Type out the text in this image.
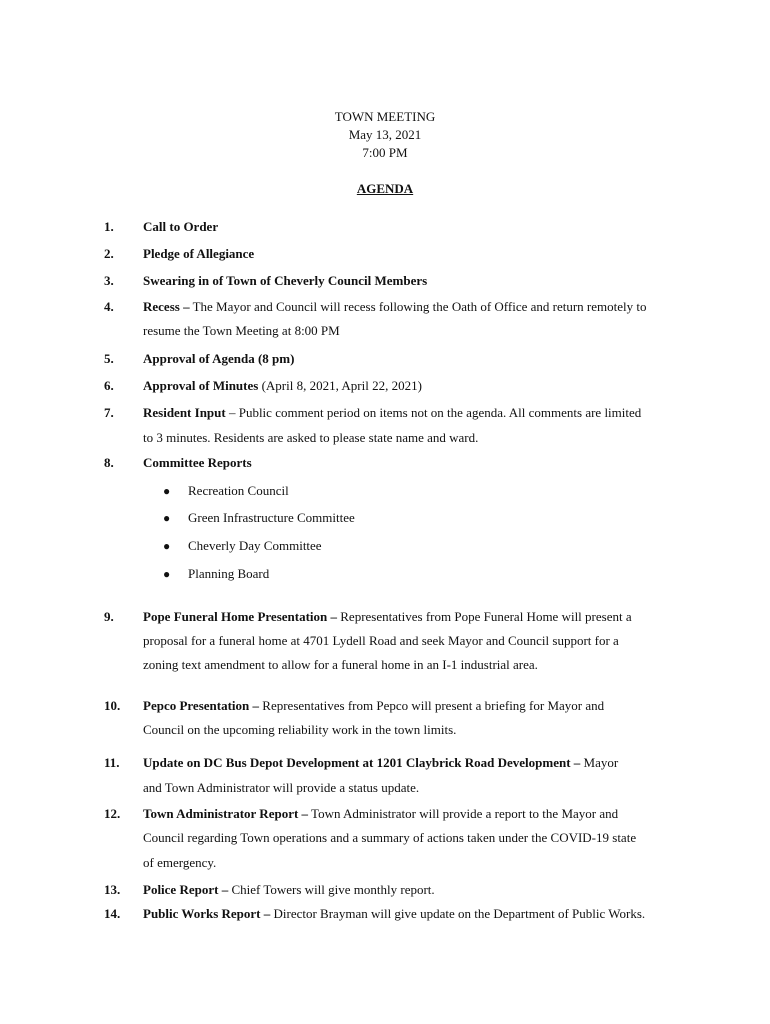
TOWN MEETING
May 13, 2021
7:00 PM
AGENDA
1.	Call to Order
2.	Pledge of Allegiance
3.	Swearing in of Town of Cheverly Council Members
4.	Recess – The Mayor and Council will recess following the Oath of Office and return remotely to
resume the Town Meeting at 8:00 PM
5.	Approval of Agenda (8 pm)
6.	Approval of Minutes (April 8, 2021, April 22, 2021)
7.	Resident Input – Public comment period on items not on the agenda. All comments are limited
to 3 minutes. Residents are asked to please state name and ward.
8.	Committee Reports
● Recreation Council
● Green Infrastructure Committee
● Cheverly Day Committee
● Planning Board
9.	Pope Funeral Home Presentation – Representatives from Pope Funeral Home will present a
proposal for a funeral home at 4701 Lydell Road and seek Mayor and Council support for a
zoning text amendment to allow for a funeral home in an I-1 industrial area.
10.	Pepco Presentation – Representatives from Pepco will present a briefing for Mayor and
Council on the upcoming reliability work in the town limits.
11.	Update on DC Bus Depot Development at 1201 Claybrick Road Development – Mayor
and Town Administrator will provide a status update.
12.	Town Administrator Report – Town Administrator will provide a report to the Mayor and
Council regarding Town operations and a summary of actions taken under the COVID-19 state
of emergency.
13.	Police Report – Chief Towers will give monthly report.
14.	Public Works Report – Director Brayman will give update on the Department of Public Works.
